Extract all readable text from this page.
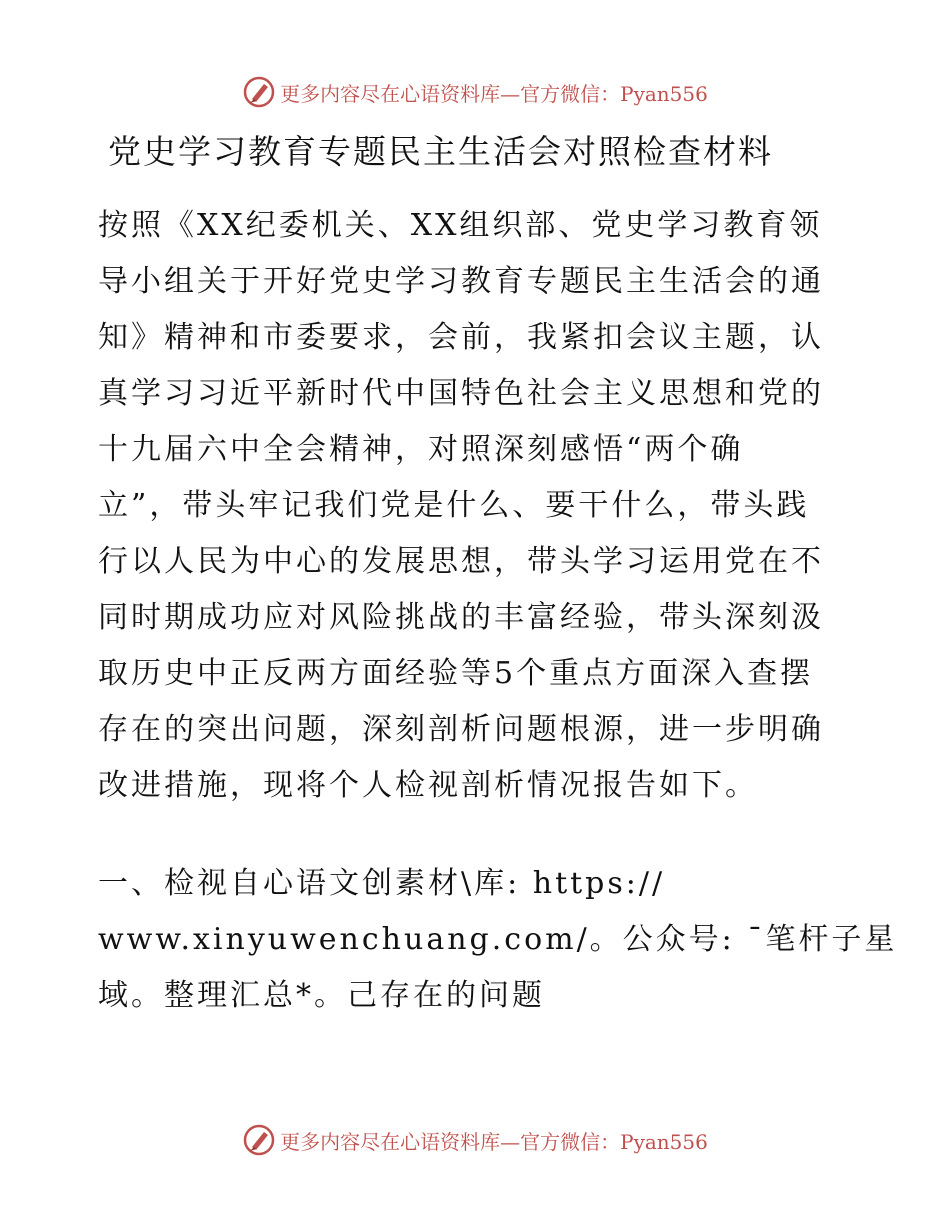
更多内容尽在心语资料库—官方微信：Pyan556
党史学习教育专题民主生活会对照检查材料
按照《XX纪委机关、XX组织部、党史学习教育领
导小组关于开好党史学习教育专题民主生活会的通
知》精神和市委要求，会前，我紧扣会议主题，认
真学习习近平新时代中国特色社会主义思想和党的
十九届六中全会精神，对照深刻感悟“两个确
立”，带头牢记我们党是什么、要干什么，带头践
行以人民为中心的发展思想，带头学习运用党在不
同时期成功应对风险挑战的丰富经验，带头深刻汲
取历史中正反两方面经验等5个重点方面深入查摆
存在的突出问题，深刻剖析问题根源，进一步明确
改进措施，现将个人检视剖析情况报告如下。
一、检视自心语文创素材\库: https://
www.xinyuwenchuang.com/。公众号: ¯笔杆子星
域。整理汇总*。己存在的问题
更多内容尽在心语资料库—官方微信：Pyan556
